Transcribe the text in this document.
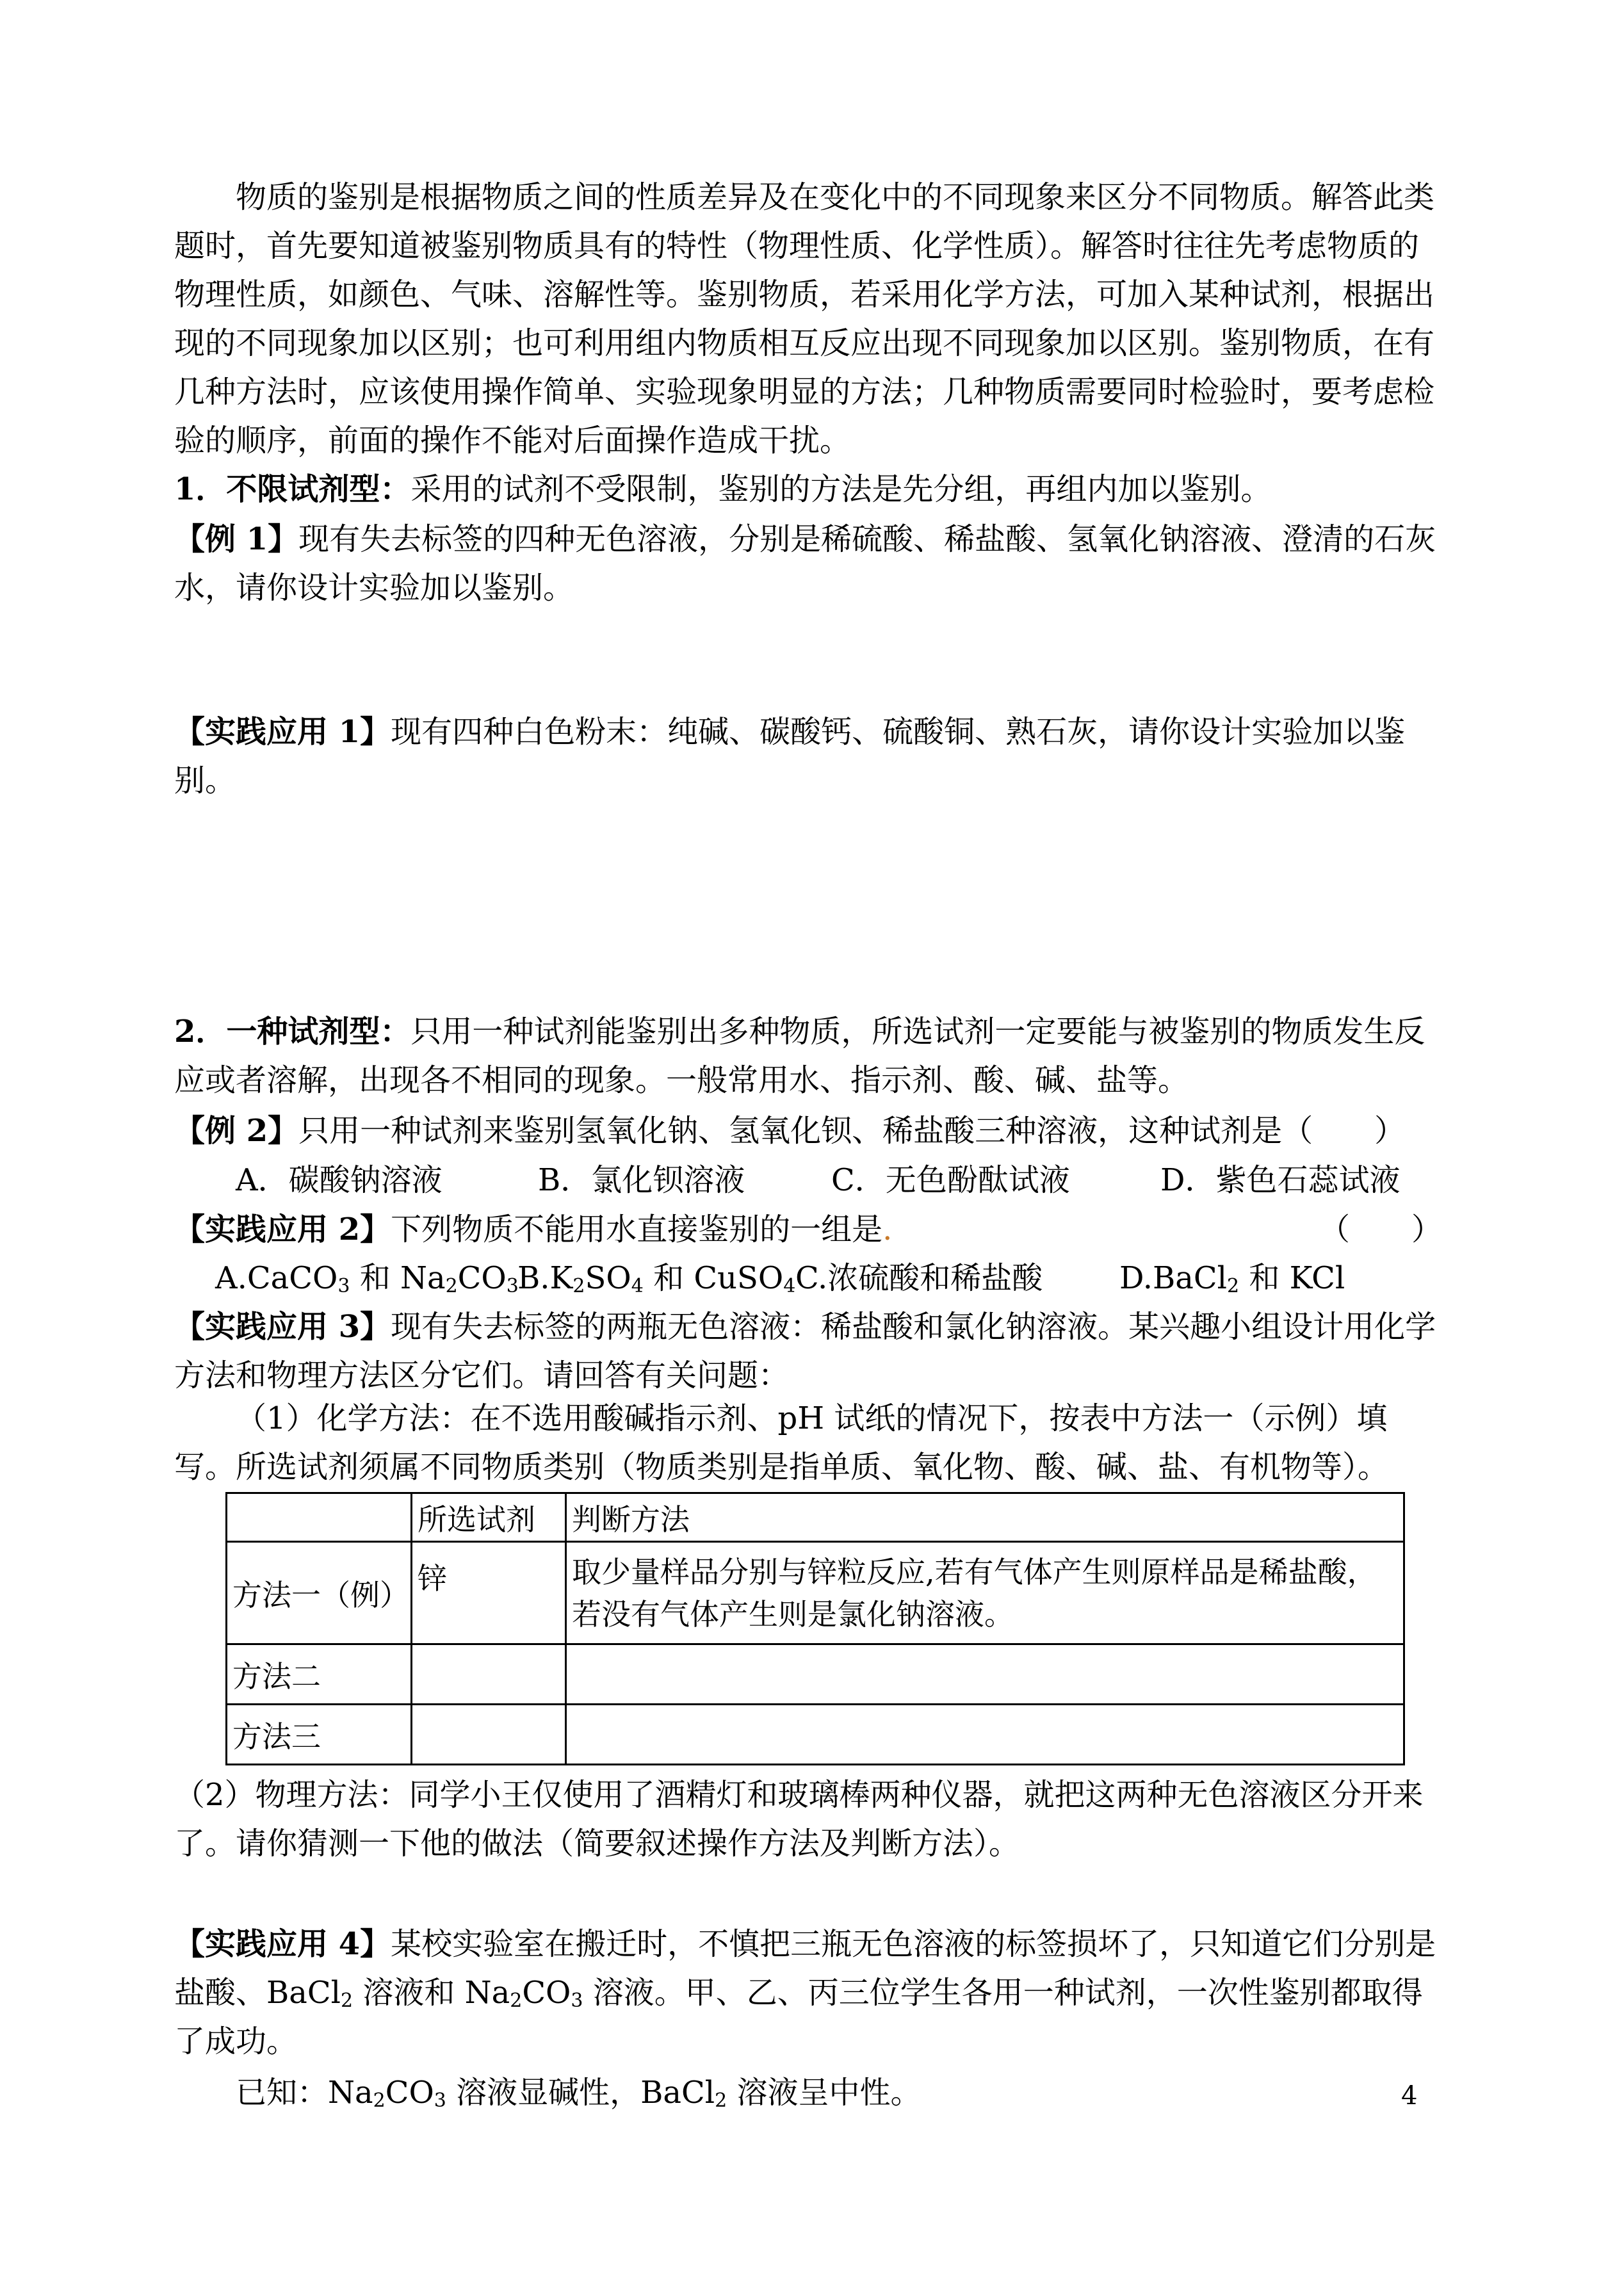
物质的鉴别是根据物质之间的性质差异及在变化中的不同现象来区分不同物质。解答此类题时，首先要知道被鉴别物质具有的特性（物理性质、化学性质）。解答时往往先考虑物质的物理性质，如颜色、气味、溶解性等。鉴别物质，若采用化学方法，可加入某种试剂，根据出现的不同现象加以区别；也可利用组内物质相互反应出现不同现象加以区别。鉴别物质，在有几种方法时，应该使用操作简单、实验现象明显的方法；几种物质需要同时检验时，要考虑检验的顺序，前面的操作不能对后面操作造成干扰。

1．不限试剂型：采用的试剂不受限制，鉴别的方法是先分组，再组内加以鉴别。

【例 1】现有失去标签的四种无色溶液，分别是稀硫酸、稀盐酸、氢氧化钠溶液、澄清的石灰水，请你设计实验加以鉴别。

【实践应用 1】现有四种白色粉末：纯碱、碳酸钙、硫酸铜、熟石灰，请你设计实验加以鉴别。

2．一种试剂型：只用一种试剂能鉴别出多种物质，所选试剂一定要能与被鉴别的物质发生反应或者溶解，出现各不相同的现象。一般常用水、指示剂、酸、碱、盐等。

【例 2】只用一种试剂来鉴别氢氧化钠、氢氧化钡、稀盐酸三种溶液，这种试剂是（　　）
A．碳酸钠溶液	B．氯化钡溶液	C．无色酚酞试液	D．紫色石蕊试液
【实践应用 2】下列物质不能用水直接鉴别的一组是.	（　　）
A.CaCO$_3$ 和 $Na_2CO_3$
$B.K_2SO_4$ 和 CuSO$_4$ C.浓硫酸和稀盐酸 D.BaCl$_2$ 和 KCl

【实践应用 3】现有失去标签的两瓶无色溶液：稀盐酸和氯化钠溶液。某兴趣小组设计用化学方法和物理方法区分它们。请回答有关问题：

（1）化学方法：在不选用酸碱指示剂、pH 试纸的情况下，按表中方法一（示例）填写。所选试剂须属不同物质类别（物质类别是指单质、氧化物、酸、碱、盐、有机物等）。

	所选试剂	判断方法
方法一（例）	锌	取少量样品分别与锌粒反应,若有气体产生则原样品是稀盐酸，若没有气体产生则是氯化钠溶液。
方法二		
方法三		

（2）物理方法：同学小王仅使用了酒精灯和玻璃棒两种仪器，就把这两种无色溶液区分开来了。请你猜测一下他的做法（简要叙述操作方法及判断方法）。

【实践应用 4】某校实验室在搬迁时，不慎把三瓶无色溶液的标签损坏了，只知道它们分别是盐酸、BaCl$_2$ 溶液和 $Na_2CO_3$ 溶液。甲、乙、丙三位学生各用一种试剂，一次性鉴别都取得了成功。

已知：$Na_2CO_3$ 溶液显碱性，BaCl$_2$ 溶液呈中性。	4
